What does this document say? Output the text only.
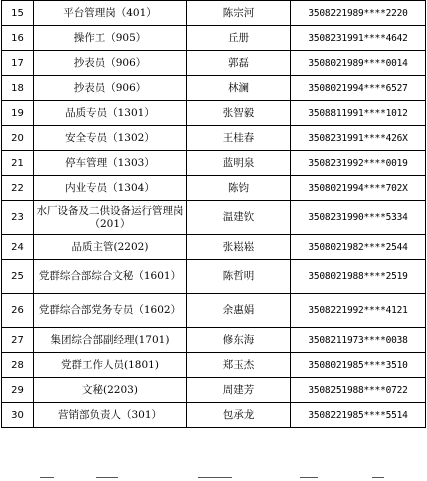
15	平台管理岗（401）	陈宗河	3508221989****2220
16	操作工（905）	丘册	3508231991****4642
17	抄表员（906）	郭磊	3508021989****0014
18	抄表员（906）	林澜	3508021994****6527
19	品质专员（1301）	张智毅	3508811991****1012
20	安全专员（1302）	王桂春	3508231991****426X
21	停车管理（1303）	蓝明泉	3508231992****0019
22	内业专员（1304）	陈钧	3508021994****702X
23	水厂设备及二供设备运行管理岗（201）	温建钦	3508231990****5334
24	品质主管(2202)	张崧崧	3508021982****2544
25	党群综合部综合文秘（1601）	陈哲明	3508021988****2519
26	党群综合部党务专员（1602）	余惠娟	3508221992****4121
27	集团综合部副经理(1701)	修东海	3508211973****0038
28	党群工作人员(1801)	郑玉杰	3508021985****3510
29	文秘(2203)	周建芳	3508251988****0722
30	营销部负责人（301）	包承龙	3508221985****5514
